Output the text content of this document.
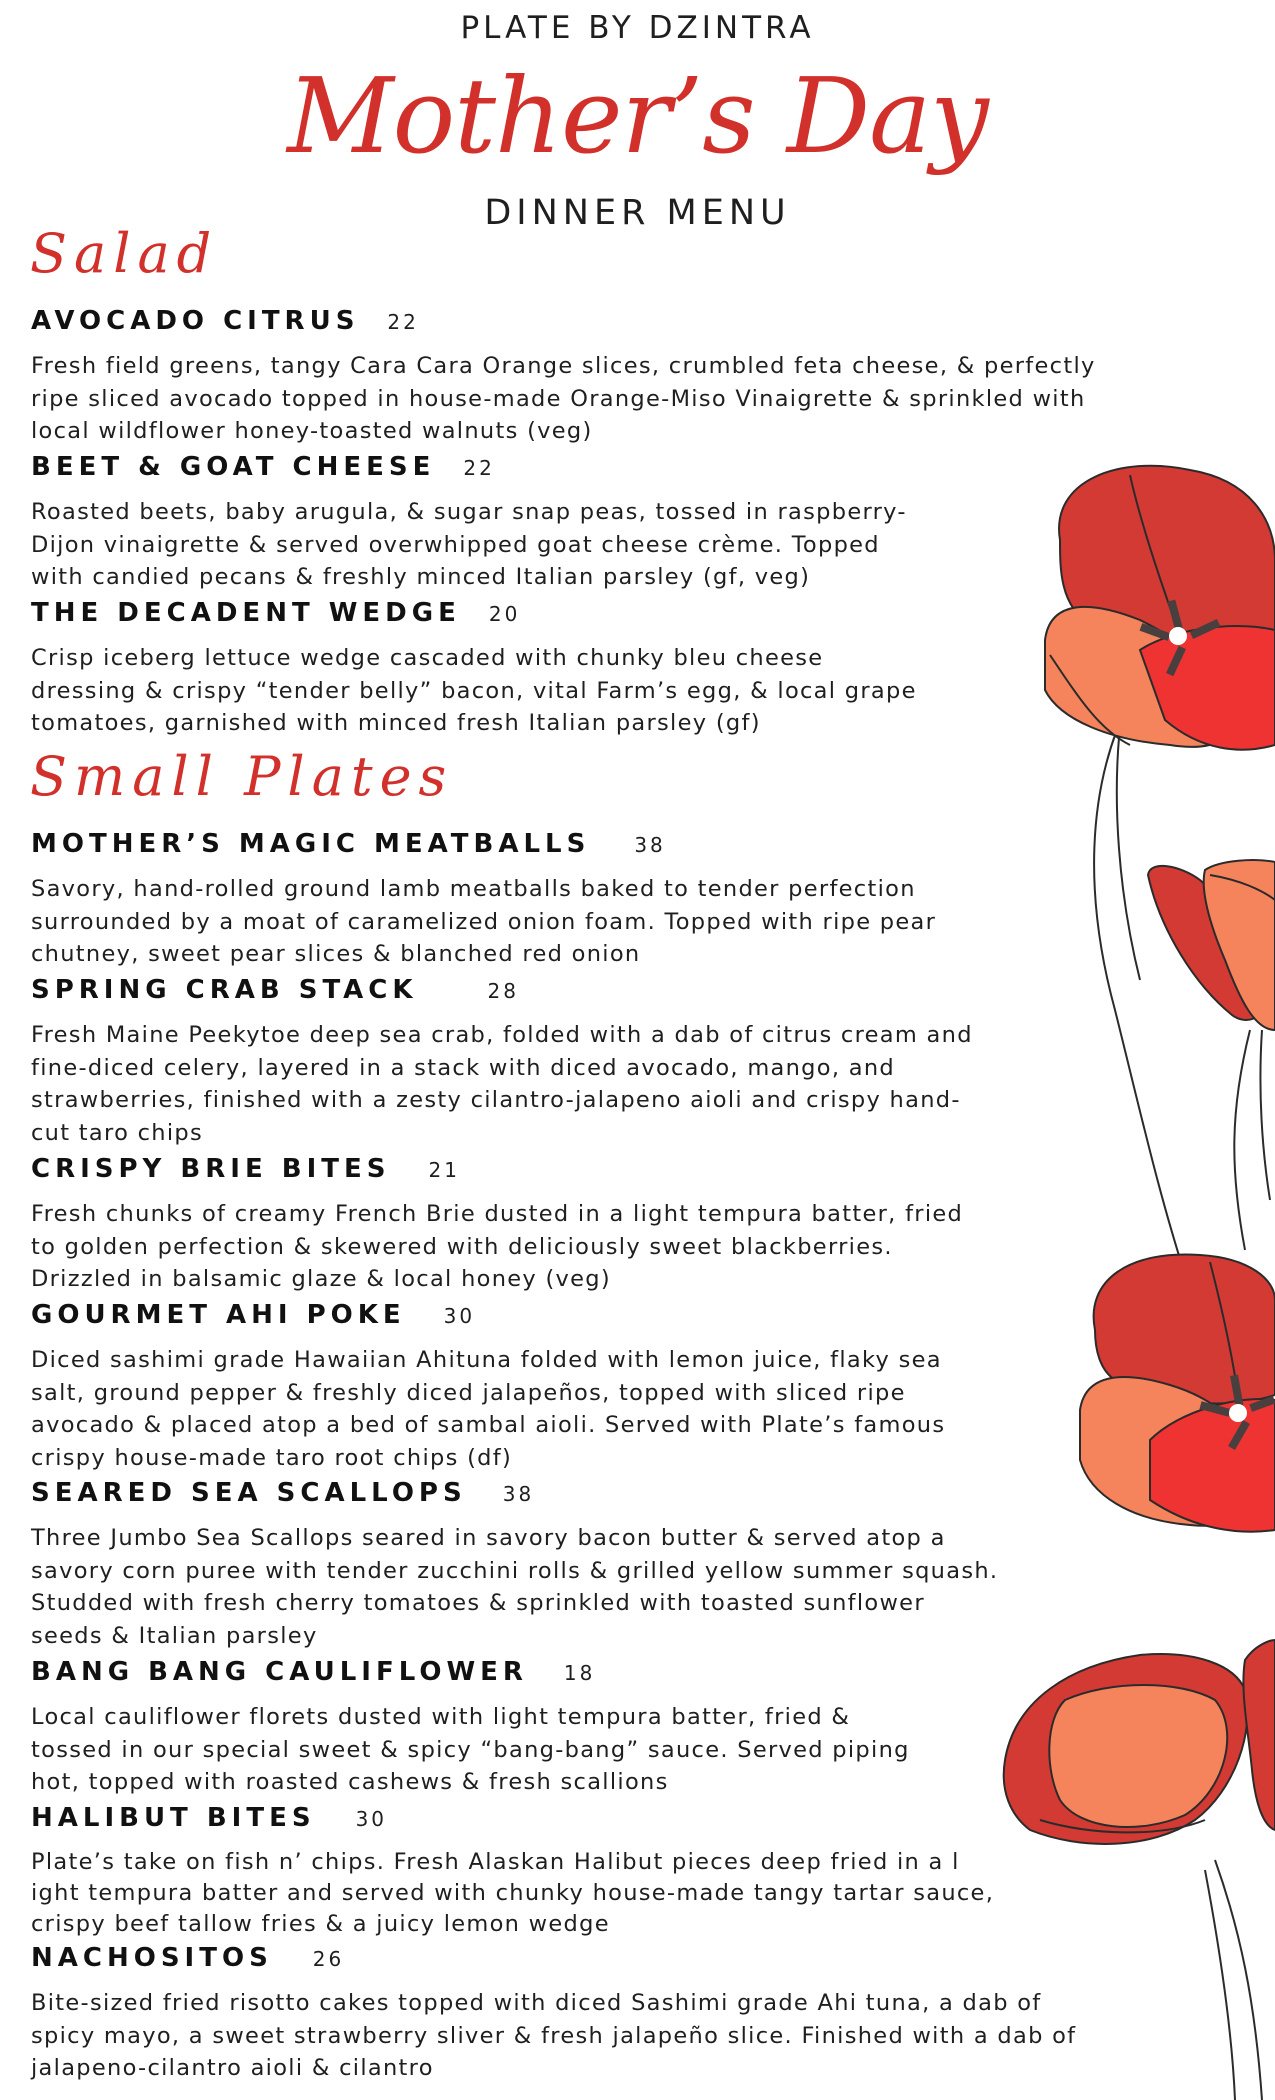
PLATE BY DZINTRA
Mother’s Day
DINNER MENU
Salad
AVOCADO CITRUS 22
Fresh field greens, tangy Cara Cara Orange slices, crumbled feta cheese, & perfectly
ripe sliced avocado topped in house-made Orange-Miso Vinaigrette & sprinkled with
local wildflower honey-toasted walnuts (veg)
BEET & GOAT CHEESE 22
Roasted beets, baby arugula, & sugar snap peas, tossed in raspberry-
Dijon vinaigrette & served overwhipped goat cheese crème. Topped
with candied pecans & freshly minced Italian parsley (gf, veg)
THE DECADENT WEDGE 20
Crisp iceberg lettuce wedge cascaded with chunky bleu cheese
dressing & crispy “tender belly” bacon, vital Farm’s egg, & local grape
tomatoes, garnished with minced fresh Italian parsley (gf)
Small Plates
MOTHER’S MAGIC MEATBALLS 38
Savory, hand-rolled ground lamb meatballs baked to tender perfection
surrounded by a moat of caramelized onion foam. Topped with ripe pear
chutney, sweet pear slices & blanched red onion
SPRING CRAB STACK	28
Fresh Maine Peekytoe deep sea crab, folded with a dab of citrus cream and
fine-diced celery, layered in a stack with diced avocado, mango, and
strawberries, finished with a zesty cilantro-jalapeno aioli and crispy hand-
cut taro chips
CRISPY BRIE BITES 21
Fresh chunks of creamy French Brie dusted in a light tempura batter, fried
to golden perfection & skewered with deliciously sweet blackberries.
Drizzled in balsamic glaze & local honey (veg)
GOURMET AHI POKE 30
Diced sashimi grade Hawaiian Ahituna folded with lemon juice, flaky sea
salt, ground pepper & freshly diced jalapeños, topped with sliced ripe
avocado & placed atop a bed of sambal aioli. Served with Plate’s famous
crispy house-made taro root chips (df)
SEARED SEA SCALLOPS 38
Three Jumbo Sea Scallops seared in savory bacon butter & served atop a
savory corn puree with tender zucchini rolls & grilled yellow summer squash.
Studded with fresh cherry tomatoes & sprinkled with toasted sunflower
seeds & Italian parsley
BANG BANG CAULIFLOWER 18
Local cauliflower florets dusted with light tempura batter, fried &
tossed in our special sweet & spicy “bang-bang” sauce. Served piping
hot, topped with roasted cashews & fresh scallions
HALIBUT BITES 30
Plate’s take on fish n’ chips. Fresh Alaskan Halibut pieces deep fried in a l
ight tempura batter and served with chunky house-made tangy tartar sauce,
crispy beef tallow fries & a juicy lemon wedge
NACHOSITOS 26
Bite-sized fried risotto cakes topped with diced Sashimi grade Ahi tuna, a dab of
spicy mayo, a sweet strawberry sliver & fresh jalapeño slice. Finished with a dab of
jalapeno-cilantro aioli & cilantro
